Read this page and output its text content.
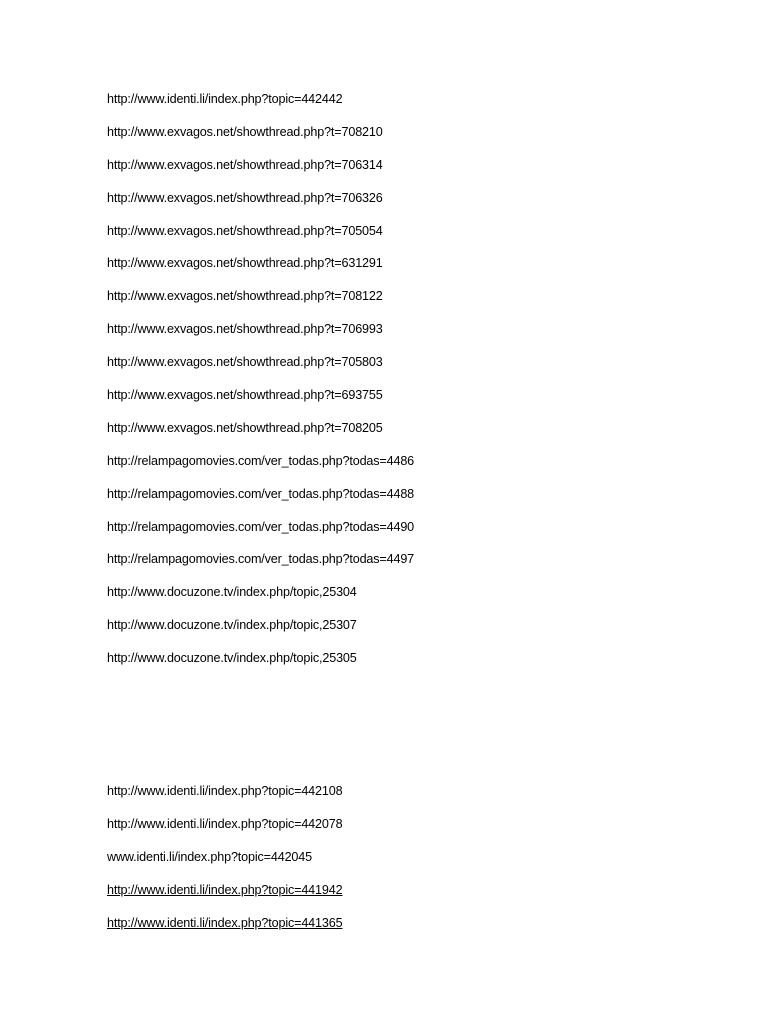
http://www.identi.li/index.php?topic=442442
http://www.exvagos.net/showthread.php?t=708210
http://www.exvagos.net/showthread.php?t=706314
http://www.exvagos.net/showthread.php?t=706326
http://www.exvagos.net/showthread.php?t=705054
http://www.exvagos.net/showthread.php?t=631291
http://www.exvagos.net/showthread.php?t=708122
http://www.exvagos.net/showthread.php?t=706993
http://www.exvagos.net/showthread.php?t=705803
http://www.exvagos.net/showthread.php?t=693755
http://www.exvagos.net/showthread.php?t=708205
http://relampagomovies.com/ver_todas.php?todas=4486
http://relampagomovies.com/ver_todas.php?todas=4488
http://relampagomovies.com/ver_todas.php?todas=4490
http://relampagomovies.com/ver_todas.php?todas=4497
http://www.docuzone.tv/index.php/topic,25304
http://www.docuzone.tv/index.php/topic,25307
http://www.docuzone.tv/index.php/topic,25305
http://www.identi.li/index.php?topic=442108
http://www.identi.li/index.php?topic=442078
www.identi.li/index.php?topic=442045
http://www.identi.li/index.php?topic=441942
http://www.identi.li/index.php?topic=441365
